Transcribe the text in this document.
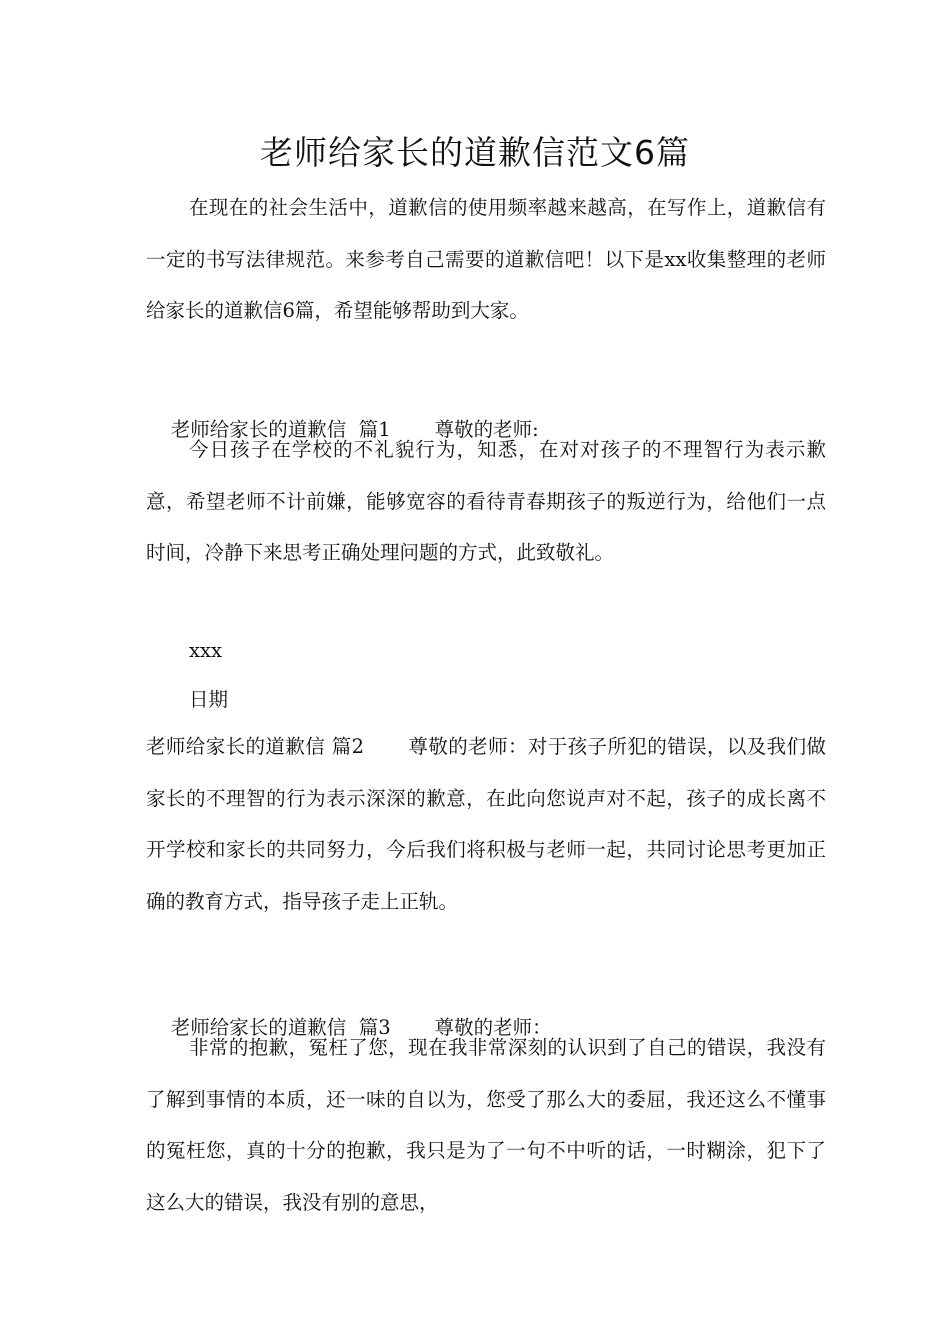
老师给家长的道歉信范文6篇

在现在的社会生活中，道歉信的使用频率越来越高，在写作上，道歉信有一定的书写法律规范。来参考自己需要的道歉信吧！以下是xx收集整理的老师给家长的道歉信6篇，希望能够帮助到大家。

老师给家长的道歉信  篇1 尊敬的老师:

今日孩子在学校的不礼貌行为，知悉，在对对孩子的不理智行为表示歉意，希望老师不计前嫌，能够宽容的看待青春期孩子的叛逆行为，给他们一点时间，冷静下来思考正确处理问题的方式，此致敬礼。

xxx
日期

老师给家长的道歉信 篇2 尊敬的老师：对于孩子所犯的错误，以及我们做家长的不理智的行为表示深深的歉意，在此向您说声对不起，孩子的成长离不开学校和家长的共同努力，今后我们将积极与老师一起，共同讨论思考更加正确的教育方式，指导孩子走上正轨。

老师给家长的道歉信  篇3 尊敬的老师：

非常的抱歉，冤枉了您，现在我非常深刻的认识到了自己的错误，我没有了解到事情的本质，还一味的自以为，您受了那么大的委屈，我还这么不懂事的冤枉您，真的十分的抱歉，我只是为了一句不中听的话，一时糊涂，犯下了这么大的错误，我没有别的意思，
